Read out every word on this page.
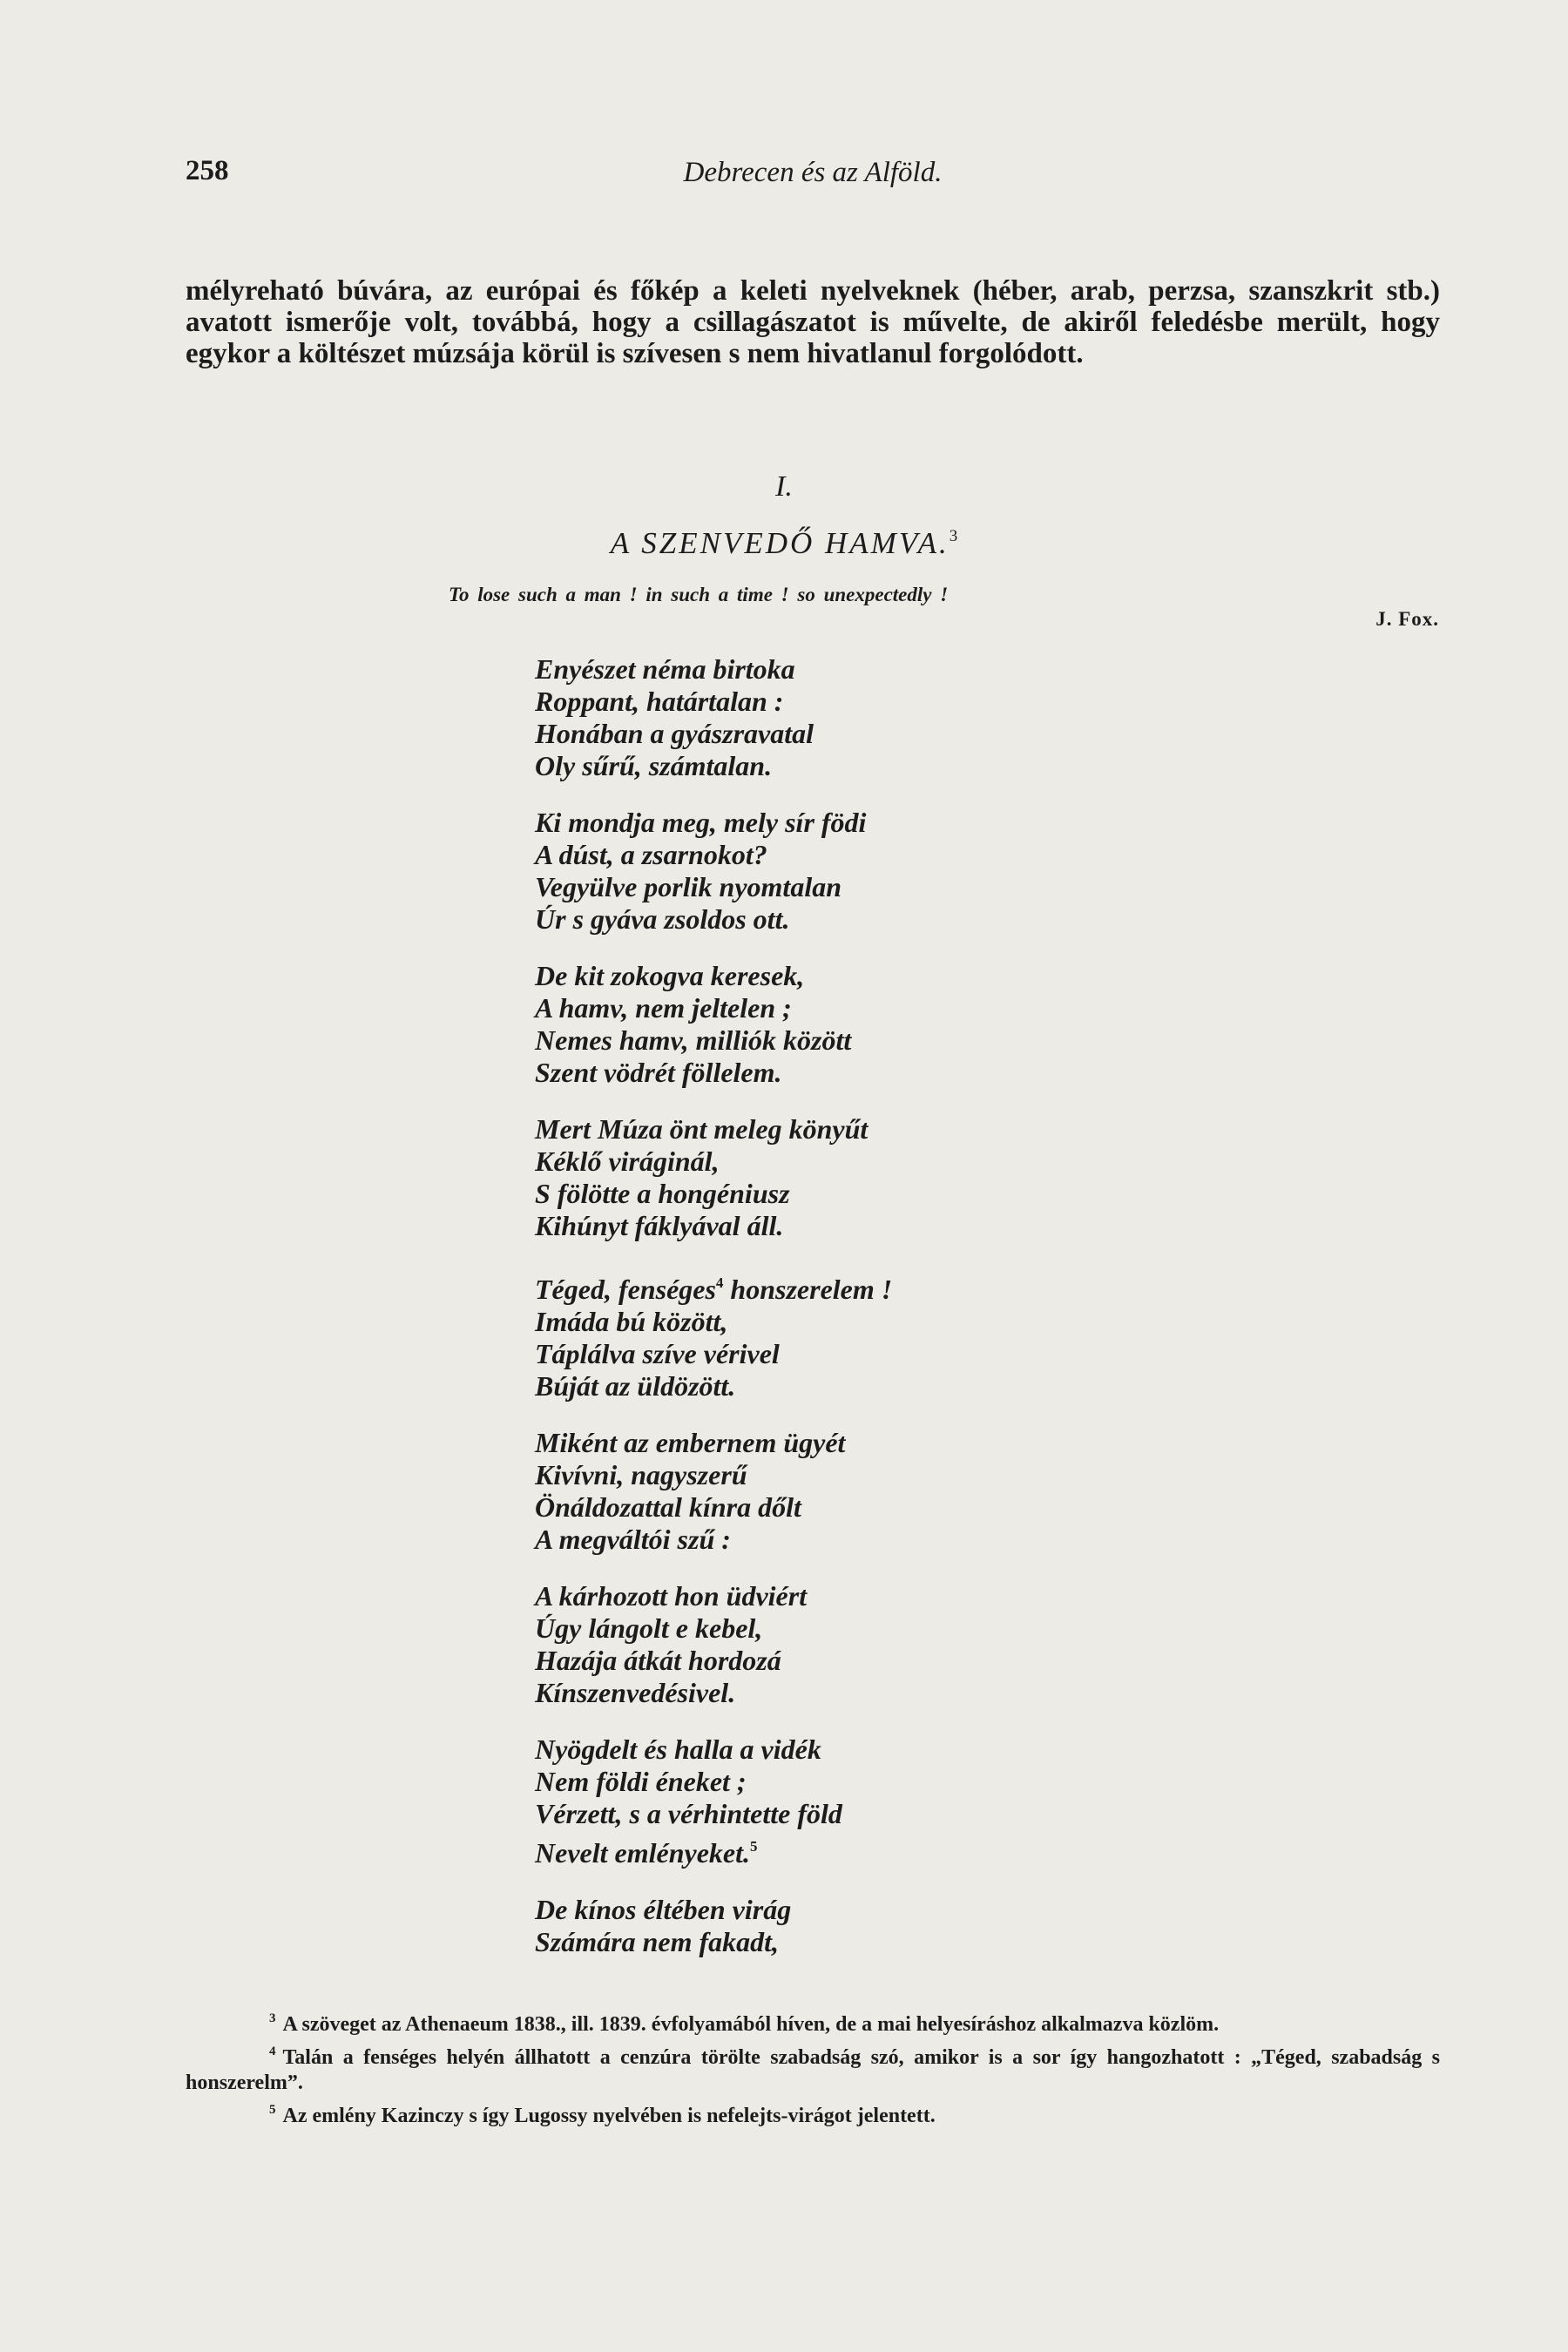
258	Debrecen és az Alföld.

mélyreható búvára, az európai és főkép a keleti nyelveknek (héber, arab, perzsa, szanszkrit stb.) avatott ismerője volt, továbbá, hogy a csillagászatot is művelte, de akiről feledésbe merült, hogy egykor a költészet múzsája körül is szívesen s nem hivatlanul forgolódott.

I.
A SZENVEDŐ HAMVA.$^3$
To lose such a man ! in such a time ! so unexpectedly !
J. Fox.
Enyészet néma birtoka
Roppant, határtalan :
Honában a gyászravatal
Oly sűrű, számtalan.
Ki mondja meg, mely sír födi
A dúst, a zsarnokot?
Vegyülve porlik nyomtalan
Úr s gyáva zsoldos ott.
De kit zokogva keresek,
A hamv, nem jeltelen ;
Nemes hamv, milliók között
Szent vödrét föllelem.
Mert Múza önt meleg könyűt
Kéklő viráginál,
S fölötte a hongéniusz
Kihúnyt fáklyával áll.
Téged, fenséges$^4$ honszerelem !
Imáda bú között,
Táplálva szíve vérivel
Búját az üldözött.
Miként az embernem ügyét
Kivívni, nagyszerű
Önáldozattal kínra dőlt
A megváltói szű :
A kárhozott hon üdviért
Úgy lángolt e kebel,
Hazája átkát hordozá
Kínszenvedésivel.
Nyögdelt és halla a vidék
Nem földi éneket ;
Vérzett, s a vérhintette föld
Nevelt emlényeket.$^5$
De kínos éltében virág
Számára nem fakadt,

$^3$ A szöveget az Athenaeum 1838., ill. 1839. évfolyamából híven, de a mai helyesíráshoz alkalmazva közlöm.

$^4$ Talán a fenséges helyén állhatott a cenzúra törölte szabadság szó, amikor is a sor így hangozhatott : „Téged, szabadság s honszerelm”.

$^5$ Az emlény Kazinczy s így Lugossy nyelvében is nefelejts-virágot jelentett.
